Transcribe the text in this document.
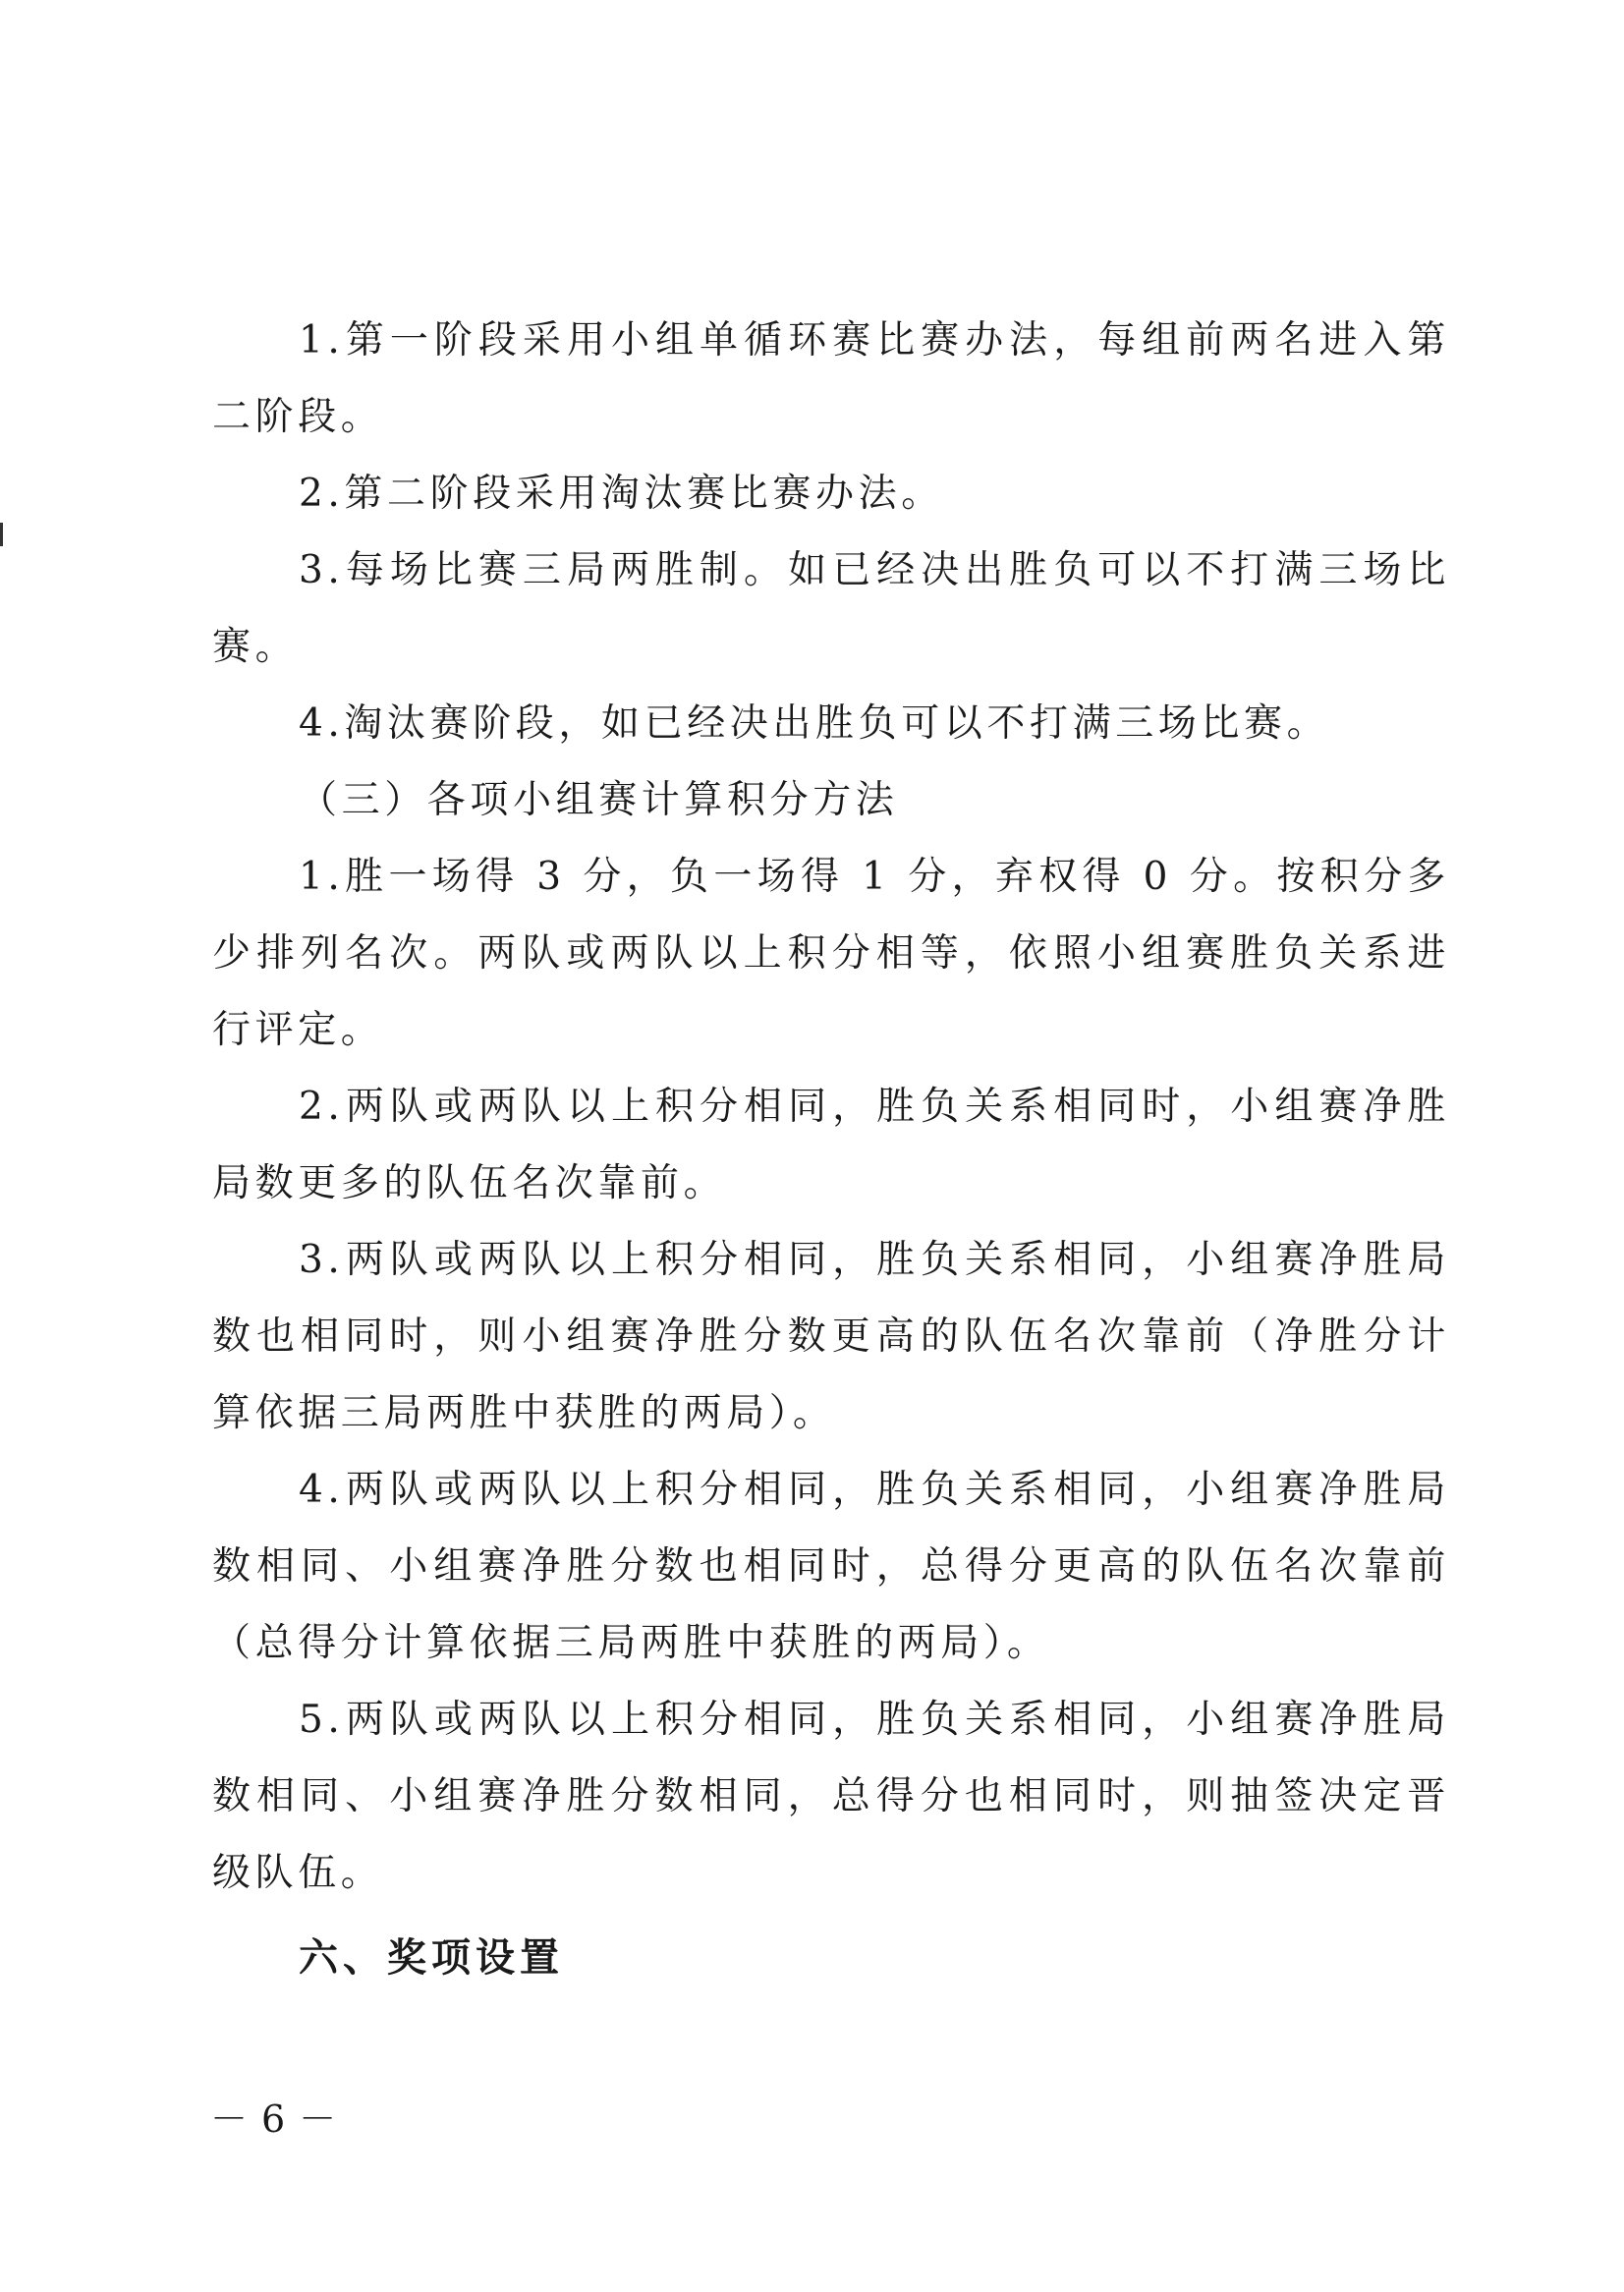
1.第一阶段采用小组单循环赛比赛办法，每组前两名进入第二阶段。

2.第二阶段采用淘汰赛比赛办法。

3.每场比赛三局两胜制。如已经决出胜负可以不打满三场比赛。

4.淘汰赛阶段，如已经决出胜负可以不打满三场比赛。

（三）各项小组赛计算积分方法

1.胜一场得 3 分，负一场得 1 分，弃权得 0 分。按积分多少排列名次。两队或两队以上积分相等，依照小组赛胜负关系进行评定。

2.两队或两队以上积分相同，胜负关系相同时，小组赛净胜局数更多的队伍名次靠前。

3.两队或两队以上积分相同，胜负关系相同，小组赛净胜局数也相同时，则小组赛净胜分数更高的队伍名次靠前（净胜分计算依据三局两胜中获胜的两局）。

4.两队或两队以上积分相同，胜负关系相同，小组赛净胜局数相同、小组赛净胜分数也相同时，总得分更高的队伍名次靠前（总得分计算依据三局两胜中获胜的两局）。

5.两队或两队以上积分相同，胜负关系相同，小组赛净胜局数相同、小组赛净胜分数相同，总得分也相同时，则抽签决定晋级队伍。

六、奖项设置

－6－
